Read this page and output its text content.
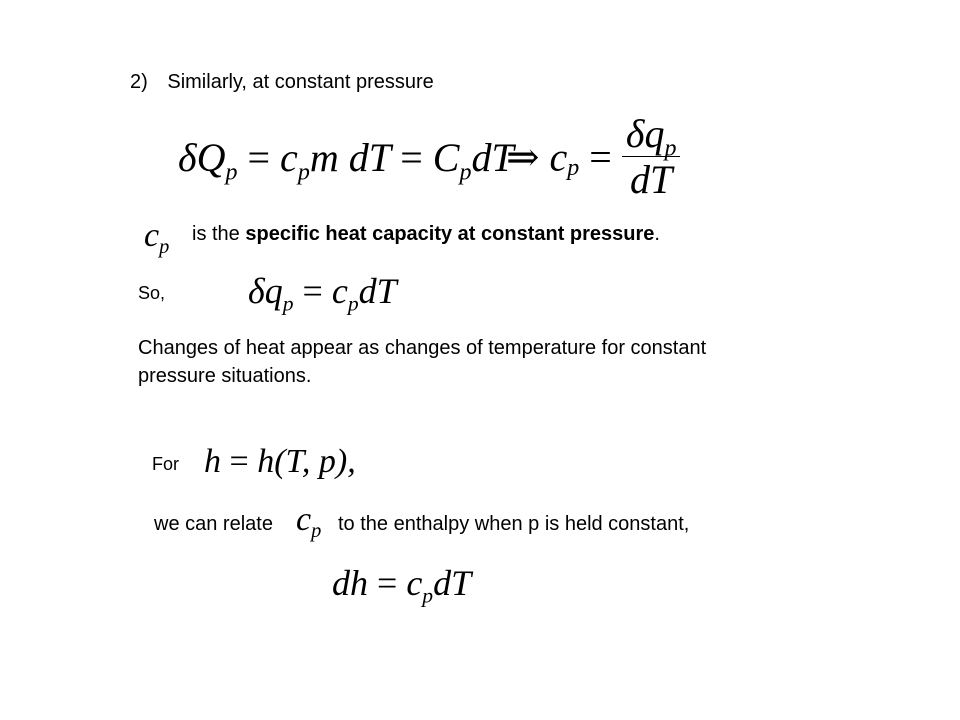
2) Similarly, at constant pressure
$\delta Q_p = c_pm$ dT = $C_pdT$
⇒ $c_p = \frac{\delta q_p}{dT}$
$c_p$
is the specific heat capacity at constant pressure.
So, $\delta q_p = c_pdT$
Changes of heat appear as changes of temperature for constant
pressure situations.
For h = h(T, p),
we can relate $c_p$ to the enthalpy when p is held constant,
dh = $c_pdT$
